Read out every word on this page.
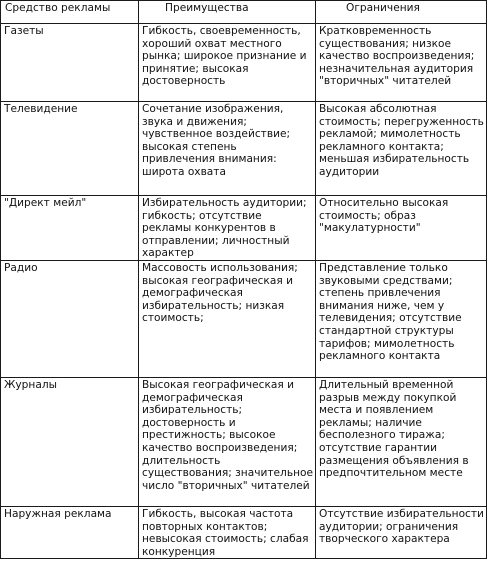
Средство рекламы	Преимущества	Ограничения
Газеты	Гибкость, своевременность, хороший охват местного рынка; широкое признание и принятие; высокая достоверность	Кратковременность существования; низкое качество воспроизведения; незначительная аудитория "вторичных" читателей
Телевидение	Сочетание изображения, звука и движения; чувственное воздействие; высокая степень привлечения внимания: широта охвата	Высокая абсолютная стоимость; перегруженность рекламой; мимолетность рекламного контакта; меньшая избирательность аудитории
"Директ мейл"	Избирательность аудитории; гибкость; отсутствие рекламы конкурентов в отправлении; личностный характер	Относительно высокая стоимость; образ "макулатурности"
Радио	Массовость использования; высокая географическая и демографическая избирательность; низкая стоимость;	Представление только звуковыми средствами; степень привлечения внимания ниже, чем у телевидения; отсутствие стандартной структуры тарифов; мимолетность рекламного контакта
Журналы	Высокая географическая и демографическая избирательность; достоверность и престижность; высокое качество воспроизведения; длительность существования; значительное число "вторичных" читателей	Длительный временной разрыв между покупкой места и появлением рекламы; наличие бесполезного тиража; отсутствие гарантии размещения объявления в предпочтительном месте
Наружная реклама	Гибкость, высокая частота повторных контактов; невысокая стоимость; слабая конкуренция	Отсутствие избирательности аудитории; ограничения творческого характера
